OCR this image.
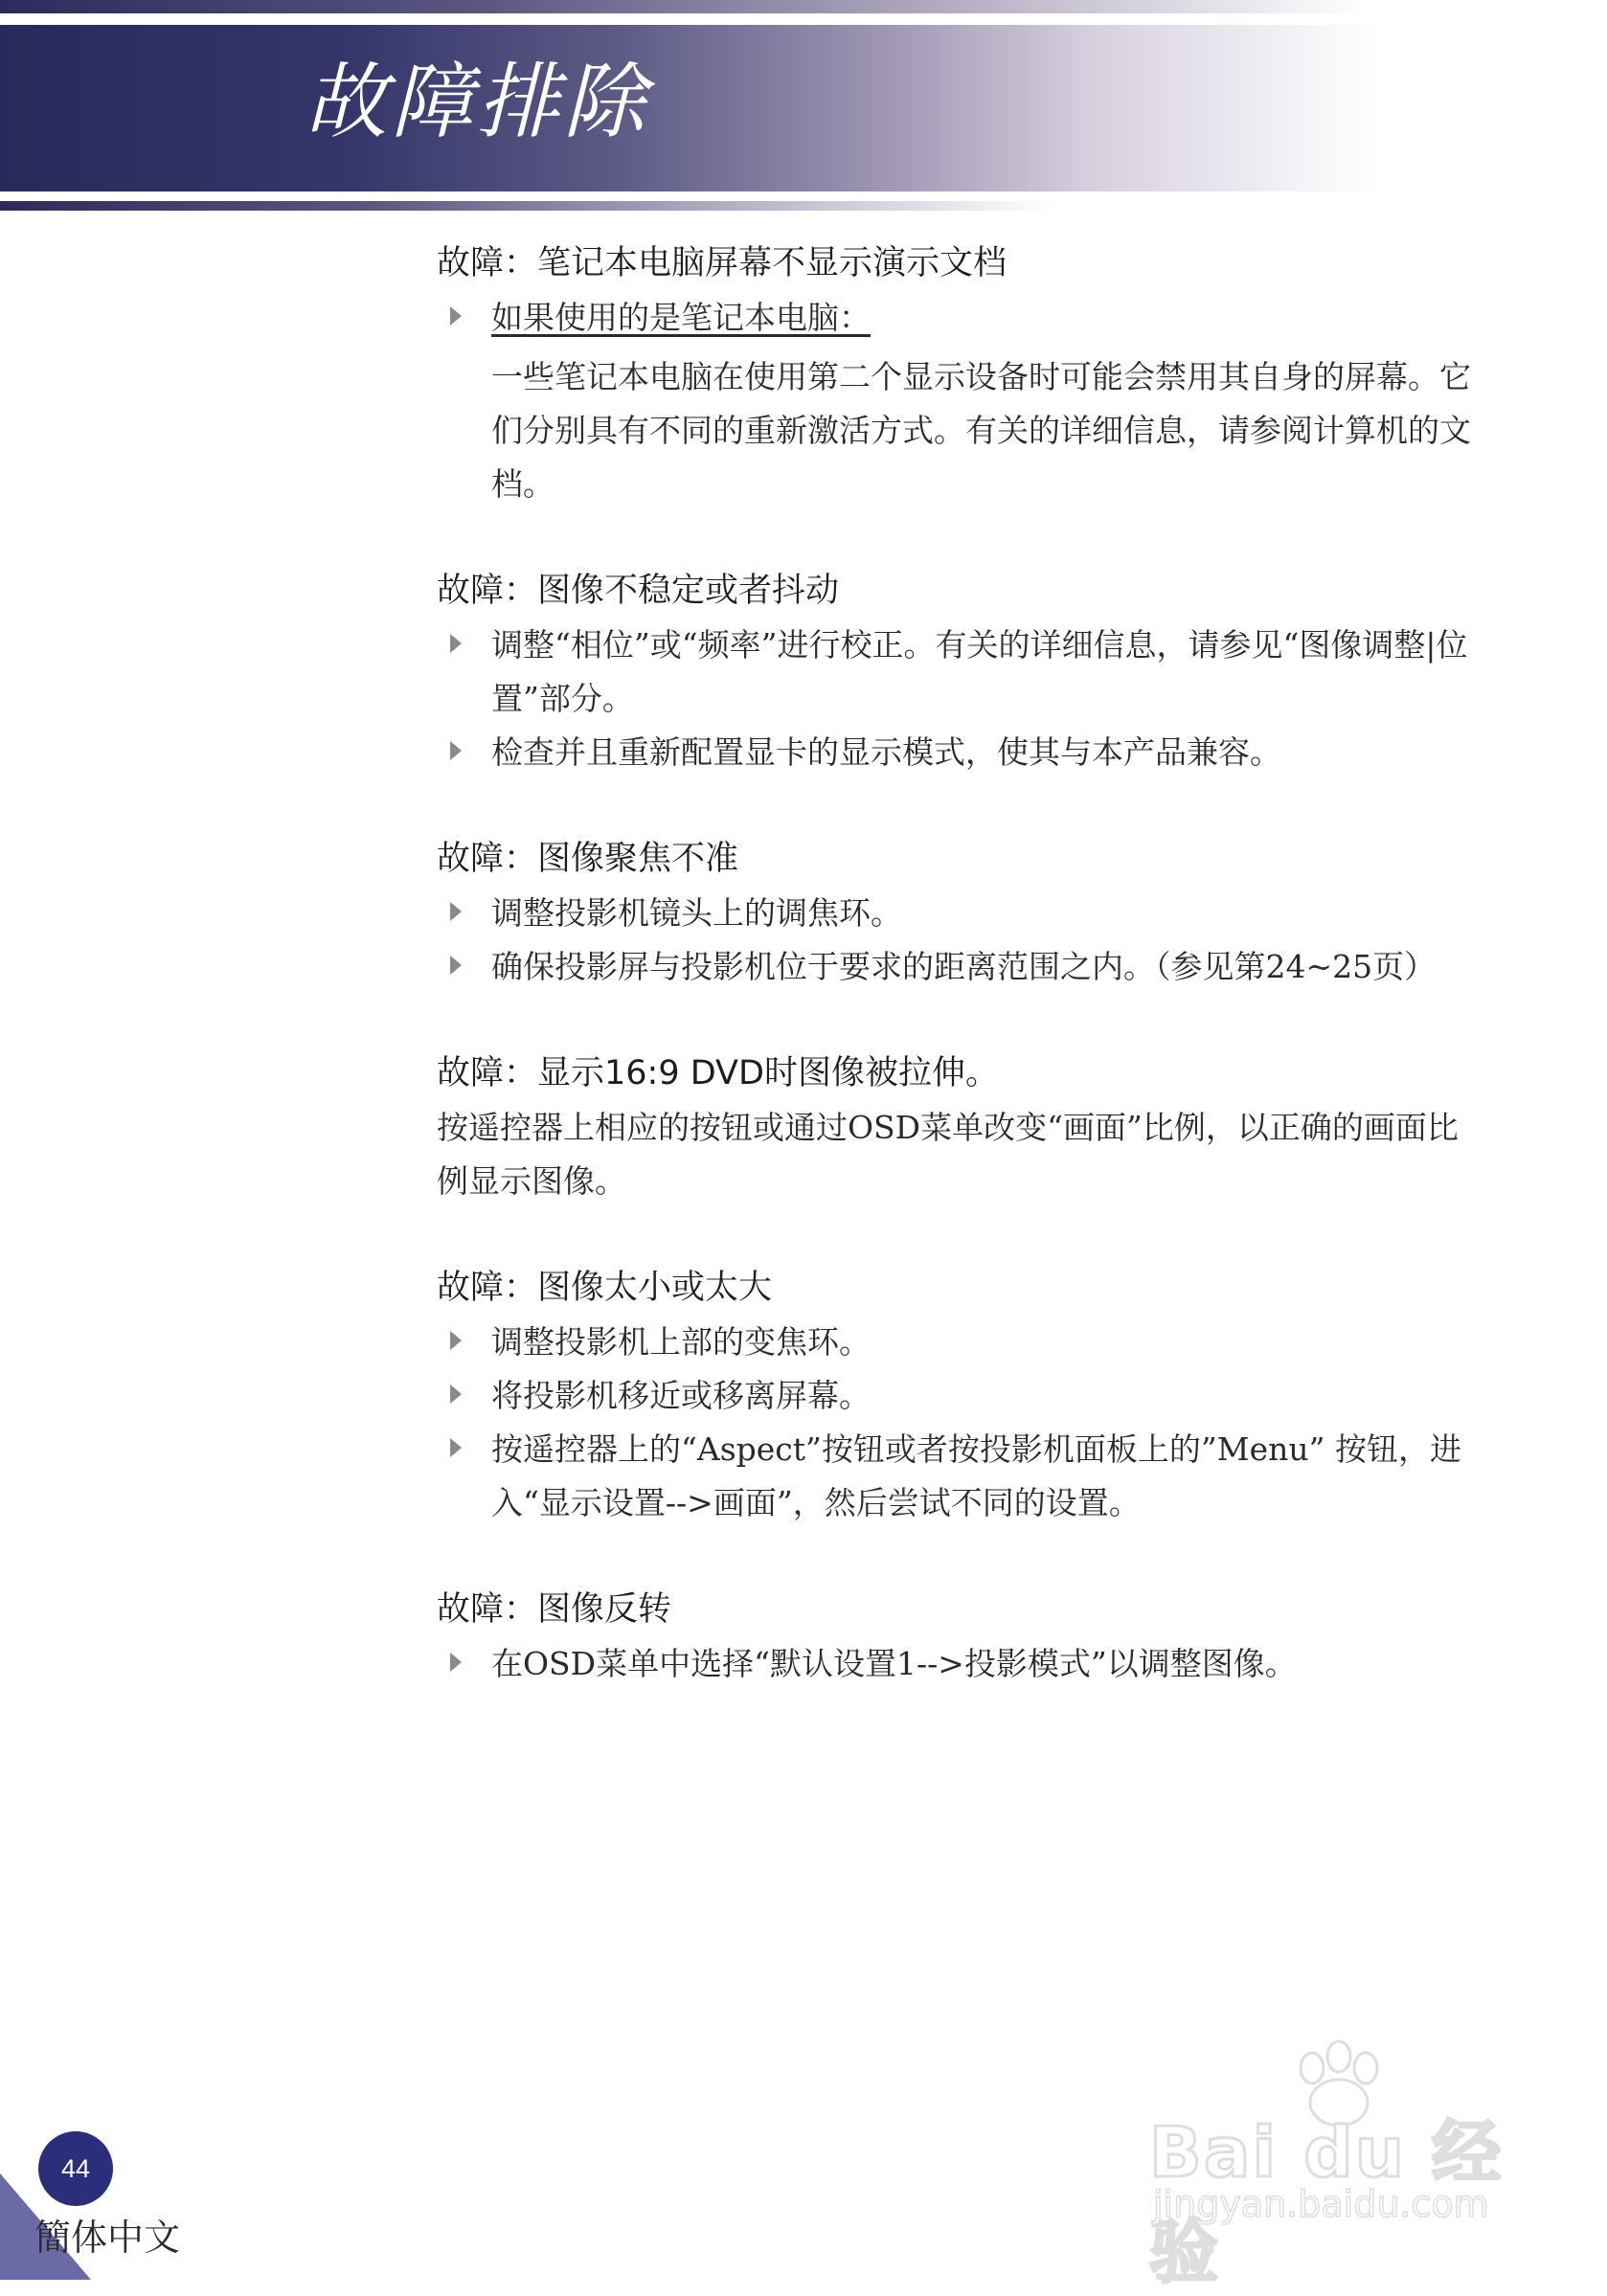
故障排除
故障：笔记本电脑屏幕不显示演示文档
如果使用的是笔记本电脑：
一些笔记本电脑在使用第二个显示设备时可能会禁用其自身的屏幕。它们分别具有不同的重新激活方式。有关的详细信息，请参阅计算机的文档。
故障：图像不稳定或者抖动
调整“相位”或“频率”进行校正。有关的详细信息，请参见“图像调整|位置”部分。
检查并且重新配置显卡的显示模式，使其与本产品兼容。
故障：图像聚焦不准
调整投影机镜头上的调焦环。
确保投影屏与投影机位于要求的距离范围之内。（参见第24~25页）
故障：显示16:9 DVD时图像被拉伸。
按遥控器上相应的按钮或通过OSD菜单改变“画面”比例，以正确的画面比例显示图像。
故障：图像太小或太大
调整投影机上部的变焦环。
将投影机移近或移离屏幕。
按遥控器上的“Aspect”按钮或者按投影机面板上的”Menu” 按钮，进入“显示设置-->画面”，然后尝试不同的设置。
故障：图像反转
在OSD菜单中选择“默认设置1-->投影模式”以调整图像。
44
簡体中文
Bai du 经验
jingyan.baidu.com
